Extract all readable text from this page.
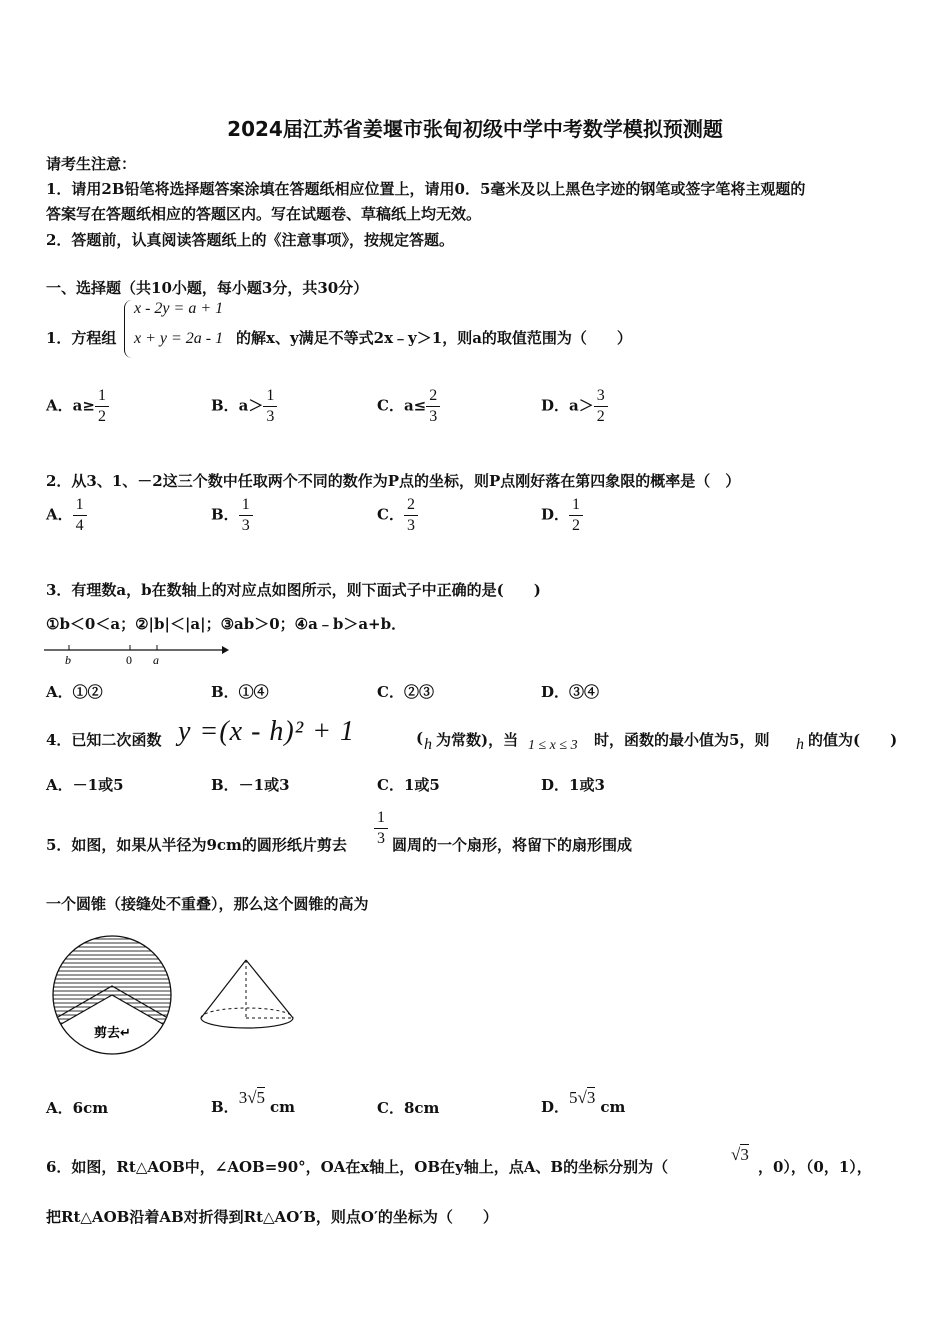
2024届江苏省姜堰市张甸初级中学中考数学模拟预测题
请考生注意：
1．请用2B铅笔将选择题答案涂填在答题纸相应位置上，请用0．5毫米及以上黑色字迹的钢笔或签字笔将主观题的
答案写在答题纸相应的答题区内。写在试题卷、草稿纸上均无效。
2．答题前，认真阅读答题纸上的《注意事项》，按规定答题。
一、选择题（共10小题，每小题3分，共30分）
1．方程组
x - 2y = a + 1
x + y = 2a - 1 的解x、y满足不等式2x﹣y＞1，则a的取值范围为（　　）
A．$a\ge \frac{1}{2}$	B．$a> \frac{1}{3}$	C．$a\le \frac{2}{3}$	D．$a> \frac{3}{2}$
2．从3、1、－2这三个数中任取两个不同的数作为P点的坐标，则P点刚好落在第四象限的概率是（　）
A． $\frac{1}{4}$	B． $\frac{1}{3}$	C． $\frac{2}{3}$	D． $\frac{1}{2}$
3．有理数a，b在数轴上的对应点如图所示，则下面式子中正确的是(　　)
①b＜0＜a；②|b|＜|a|；③ab＞0；④a﹣b＞a+b．
b	0 a
A．①②	B．①④	C．②③	D．③④
4．已知二次函数 y =(x - h)² + 1	( h 为常数)，当 1 ≤ x ≤ 3 时，函数的最小值为5，则 h 的值为(　　)
A．－1或5	B．－1或3	C．1或5	D．1或3
5．如图，如果从半径为9cm的圆形纸片剪去 $\frac{1}{3}$ 圆周的一个扇形，将留下的扇形围成
一个圆锥（接缝处不重叠），那么这个圆锥的高为
剪去↵
A．6cm	B．3√5 cm	C．8cm	D．5√3 cm
6．如图，Rt△AOB中，∠AOB=90°，OA在x轴上，OB在y轴上，点A、B的坐标分别为（
√3
，0），（0，1），
把Rt△AOB沿着AB对折得到Rt△AO′B，则点O′的坐标为（　　）
